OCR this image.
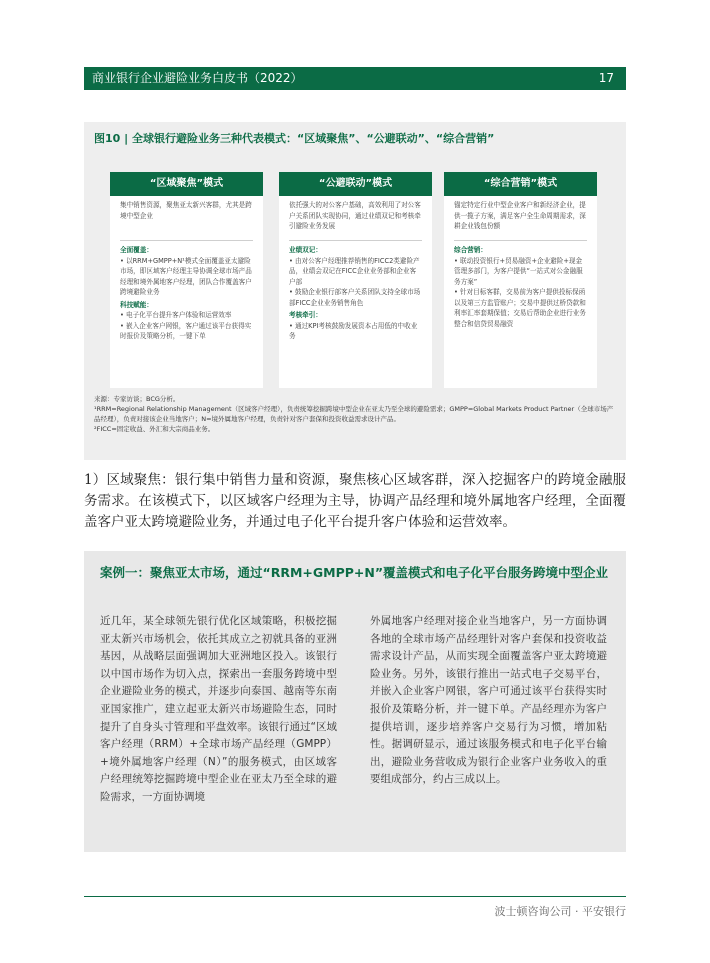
商业银行企业避险业务白皮书（2022）	17
图10 | 全球银行避险业务三种代表模式：“区域聚焦”、“公避联动”、“综合营销”
“区域聚焦”模式
集中销售资源，聚焦亚太新兴客群，尤其是跨境中型企业
全面覆盖：
• 以RRM+GMPP+N¹模式全面覆盖亚太避险市场，即区域客户经理主导协调全球市场产品经理和境外属地客户经理，团队合作覆盖客户跨境避险业务
科技赋能：
• 电子化平台提升客户体验和运营效率
• 嵌入企业客户网银，客户通过该平台获得实时报价及策略分析，一键下单
“公避联动”模式
依托强大的对公客户基础，高效利用了对公客户关系团队实现协同，通过业绩双记和考核牵引避险业务发展
业绩双记：
• 由对公客户经理推荐销售的FICC2类避险产品，业绩会双记在FICC企业业务部和企业客户部
• 鼓励企业银行部客户关系团队支持全球市场部FICC企业业务销售角色
考核牵引：
• 通过KPI考核鼓励发展资本占用低的中收业务
“综合营销”模式
锚定特定行业中型企业客户和新经济企业，提供一揽子方案，满足客户全生命周期需求，深耕企业钱包份额
综合营销：
• 联动投资银行+贸易融资+企业避险+现金管理多部门，为客户提供“一站式对公金融服务方案”
• 针对目标客群，交易前为客户提供投标保函以及第三方监管账户；交易中提供过桥贷款和利率汇率套期保值；交易后帮助企业进行业务整合和信贷贸易融资
来源：专家访谈；BCG分析。
¹RRM=Regional Relationship Management（区域客户经理），负责统筹挖掘跨境中型企业在亚太乃至全球的避险需求；GMPP=Global Markets Product Partner（全球市场产品经理），负责对接该企业当地客户；N=境外属地客户经理，负责针对客户套保和投资收益需求设计产品。
²FICC=固定收益、外汇和大宗商品业务。
1）区域聚焦：银行集中销售力量和资源，聚焦核心区域客群，深入挖掘客户的跨境金融服务需求。在该模式下，以区域客户经理为主导，协调产品经理和境外属地客户经理，全面覆盖客户亚太跨境避险业务，并通过电子化平台提升客户体验和运营效率。
案例一：聚焦亚太市场，通过“RRM+GMPP+N”覆盖模式和电子化平台服务跨境中型企业
近几年，某全球领先银行优化区域策略，积极挖掘亚太新兴市场机会，依托其成立之初就具备的亚洲基因，从战略层面强调加大亚洲地区投入。该银行以中国市场作为切入点，探索出一套服务跨境中型企业避险业务的模式，并逐步向泰国、越南等东南亚国家推广，建立起亚太新兴市场避险生态，同时提升了自身头寸管理和平盘效率。该银行通过“区域客户经理（RRM）+全球市场产品经理（GMPP）+境外属地客户经理（N）”的服务模式，由区域客户经理统筹挖掘跨境中型企业在亚太乃至全球的避险需求，一方面协调境
外属地客户经理对接企业当地客户，另一方面协调各地的全球市场产品经理针对客户套保和投资收益需求设计产品，从而实现全面覆盖客户亚太跨境避险业务。另外，该银行推出一站式电子交易平台，并嵌入企业客户网银，客户可通过该平台获得实时报价及策略分析，并一键下单。产品经理亦为客户提供培训，逐步培养客户交易行为习惯，增加粘性。据调研显示，通过该服务模式和电子化平台输出，避险业务营收成为银行企业客户业务收入的重要组成部分，约占三成以上。
波士顿咨询公司 · 平安银行
